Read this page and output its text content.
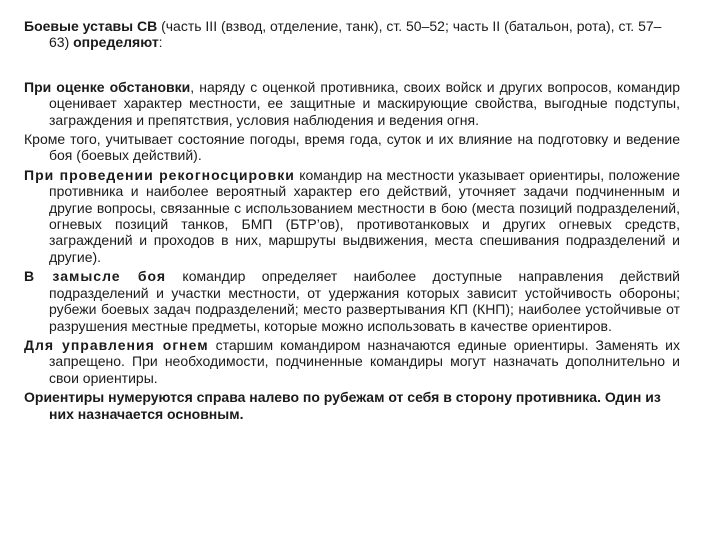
Боевые уставы СВ (часть III (взвод, отделение, танк), ст. 50–52; часть II (батальон, рота), ст. 57–63) определяют:

При оценке обстановки, наряду с оценкой противника, своих войск и других вопросов, командир оценивает характер местности, ее защитные и маскирующие свойства, выгодные подступы, заграждения и препятствия, условия наблюдения и ведения огня.

Кроме того, учитывает состояние погоды, время года, суток и их влияние на подготовку и ведение боя (боевых действий).

При проведении рекогносцировки командир на местности указывает ориентиры, положение противника и наиболее вероятный характер его действий, уточняет задачи подчиненным и другие вопросы, связанные с использованием местности в бою (места позиций подразделений, огневых позиций танков, БМП (БТР’ов), противотанковых и других огневых средств, заграждений и проходов в них, маршруты выдвижения, места спешивания подразделений и другие).

В замысле боя командир определяет наиболее доступные направления действий подразделений и участки местности, от удержания которых зависит устойчивость обороны; рубежи боевых задач подразделений; место развертывания КП (КНП); наиболее устойчивые от разрушения местные предметы, которые можно использовать в качестве ориентиров.

Для управления огнем старшим командиром назначаются единые ориентиры. Заменять их запрещено. При необходимости, подчиненные командиры могут назначать дополнительно и свои ориентиры.

Ориентиры нумеруются справа налево по рубежам от себя в сторону противника. Один из них назначается основным.
